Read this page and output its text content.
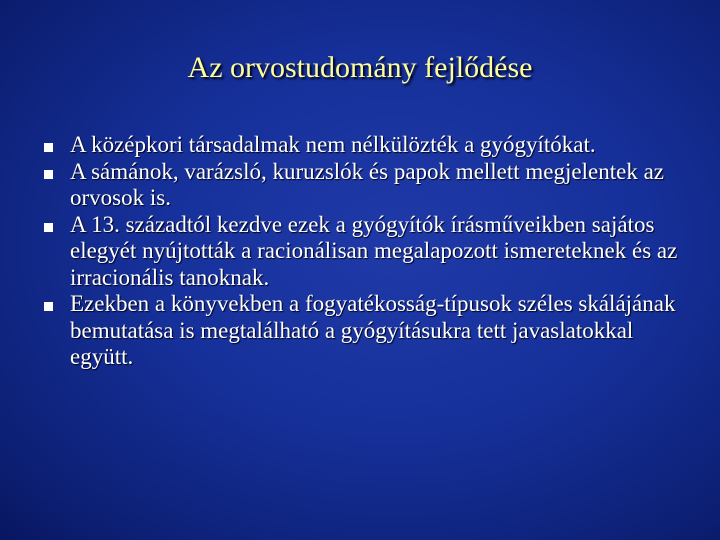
Az orvostudomány fejlődése
A középkori társadalmak nem nélkülözték a gyógyítókat.
A sámánok, varázsló, kuruzslók és papok mellett megjelentek az orvosok is.
A 13. századtól kezdve ezek a gyógyítók írásműveikben sajátos elegyét nyújtották a racionálisan megalapozott ismereteknek és az irracionális tanoknak.
Ezekben a könyvekben a fogyatékosság-típusok széles skálájának bemutatása is megtalálható a gyógyításukra tett javaslatokkal együtt.
